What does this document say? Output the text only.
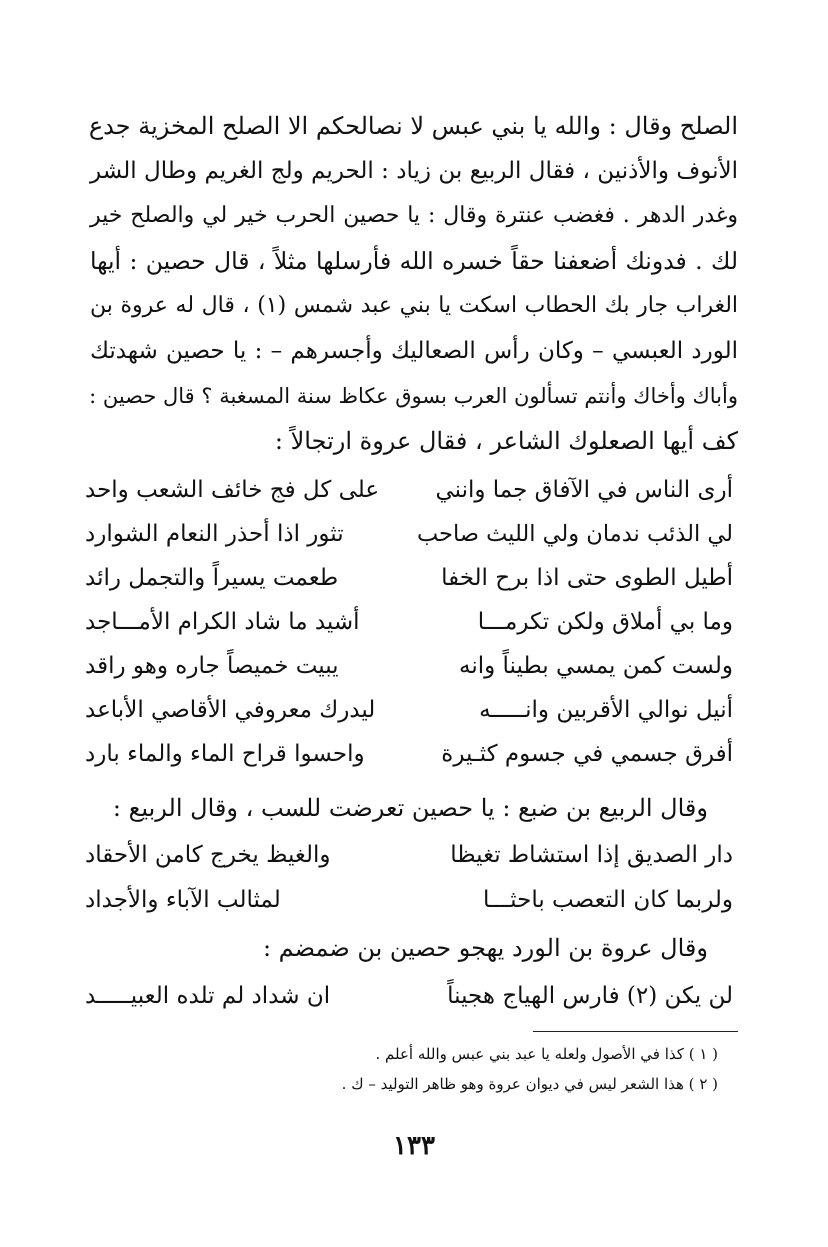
الصلح وقال : والله يا بني عبس لا نصالحكم الا الصلح المخزية جدع
الأنوف والأذنين ، فقال الربيع بن زياد : الحريم ولج الغريم وطال الشر
وغدر الدهر . فغضب عنترة وقال : يا حصين الحرب خير لي والصلح خير
لك . فدونك أضعفنا حقاً خسره الله فأرسلها مثلاً ، قال حصين : أيها
الغراب جار بك الحطاب اسكت يا بني عبد شمس (١) ، قال له عروة بن
الورد العبسي – وكان رأس الصعاليك وأجسرهم – : يا حصين شهدتك
وأباك وأخاك وأنتم تسألون العرب بسوق عكاظ سنة المسغبة ؟ قال حصين :
كف أيها الصعلوك الشاعر ، فقال عروة ارتجالاً :
أرى الناس في الآفاق جما وانني
على كل فج خائف الشعب واحد
لي الذئب ندمان ولي الليث صاحب
تثور اذا أحذر النعام الشوارد
أطيل الطوى حتى اذا برح الخفا
طعمت يسيراً والتجمل رائد
وما بي أملاق ولكن تكرمـــا
أشيد ما شاد الكرام الأمـــاجد
ولست كمن يمسي بطيناً وانه
يبيت خميصاً جاره وهو راقد
أنيل نوالي الأقربين وانـــــه
ليدرك معروفي الأقاصي الأباعد
أفرق جسمي في جسوم كثـيرة
واحسوا قراح الماء والماء بارد
وقال الربيع بن ضبع : يا حصين تعرضت للسب ، وقال الربيع :
دار الصديق إذا استشاط تغيظا
والغيظ يخرج كامن الأحقاد
ولربما كان التعصب باحثـــا
لمثالب الآباء والأجداد
وقال عروة بن الورد يهجو حصين بن ضمضم :
لن يكن (٢) فارس الهياج هجيناً
ان شداد لم تلده العبيـــــد
( ١ ) كذا في الأصول ولعله يا عبد بني عبس والله أعلم .
( ٢ ) هذا الشعر ليس في ديوان عروة وهو ظاهر التوليد – ك .
١٣٣
